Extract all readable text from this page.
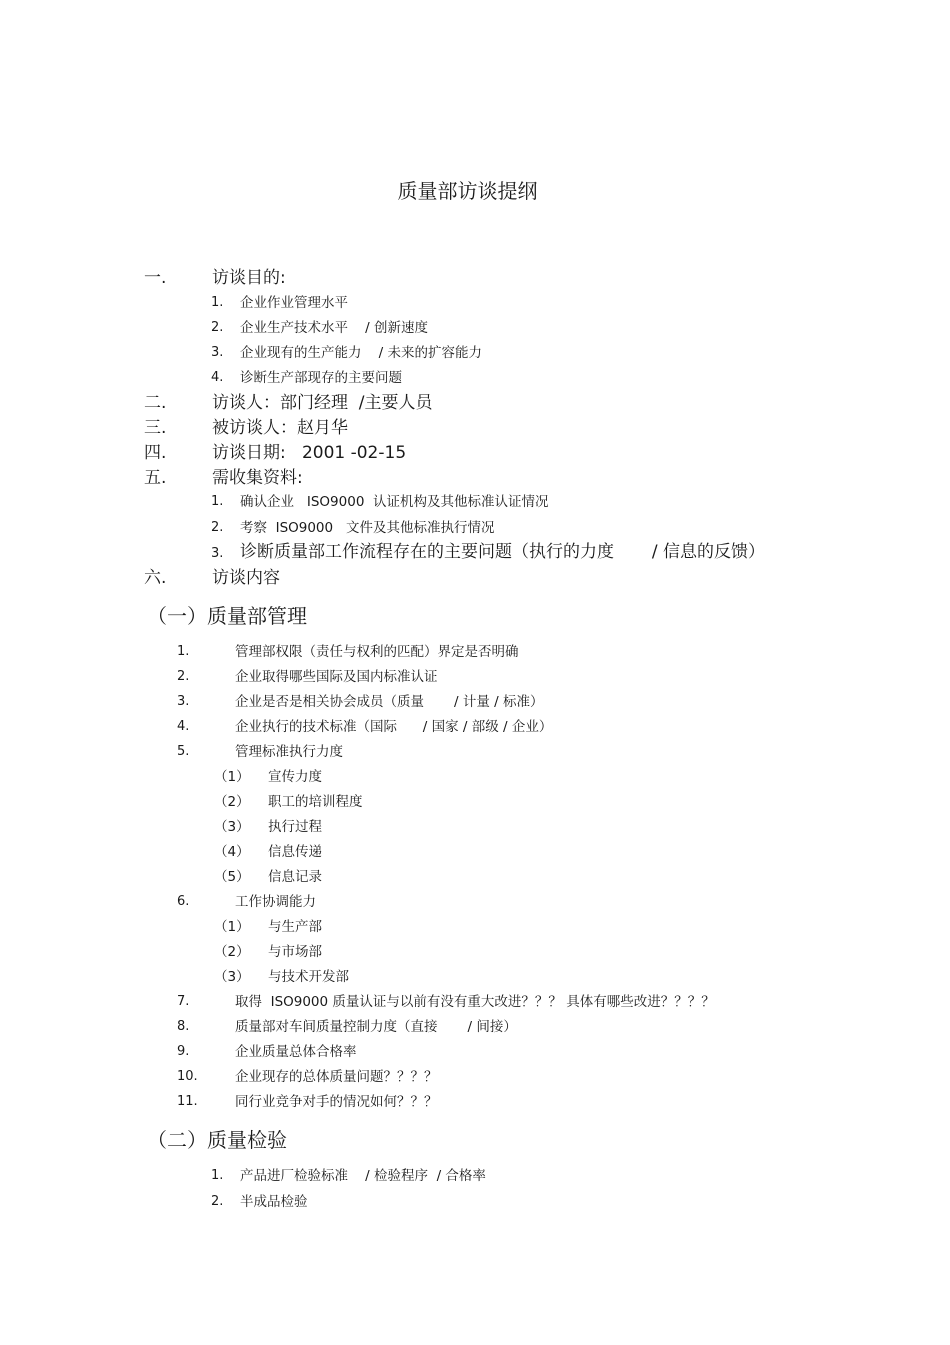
质量部访谈提纲
一.	访谈目的:
1. 企业作业管理水平
2. 企业生产技术水平    / 创新速度
3. 企业现有的生产能力    / 未来的扩容能力
4. 诊断生产部现存的主要问题
二.	访谈人：部门经理  /主要人员
三.	被访谈人：赵月华
四.	访谈日期:   2001 -02-15
五.	需收集资料:
1. 确认企业   ISO9000  认证机构及其他标准认证情况
2. 考察  ISO9000   文件及其他标准执行情况
3. 诊断质量部工作流程存在的主要问题（执行的力度       / 信息的反馈）
六.	访谈内容
（一）质量部管理
1.	管理部权限（责任与权利的匹配）界定是否明确
2.	企业取得哪些国际及国内标准认证
3.	企业是否是相关协会成员（质量       / 计量 / 标准）
4.	企业执行的技术标准（国际      / 国家 / 部级 / 企业）
5.	管理标准执行力度
（1） 宣传力度
（2） 职工的培训程度
（3） 执行过程
（4） 信息传递
（5） 信息记录
6.	工作协调能力
（1） 与生产部
（2） 与市场部
（3） 与技术开发部
7.	取得  ISO9000 质量认证与以前有没有重大改进？？？ 具体有哪些改进？？？？
8.	质量部对车间质量控制力度（直接       / 间接）
9.	企业质量总体合格率
10.	企业现存的总体质量问题？？？？
11.	同行业竞争对手的情况如何？？？
（二）质量检验
1. 产品进厂检验标准    / 检验程序  / 合格率
2. 半成品检验
